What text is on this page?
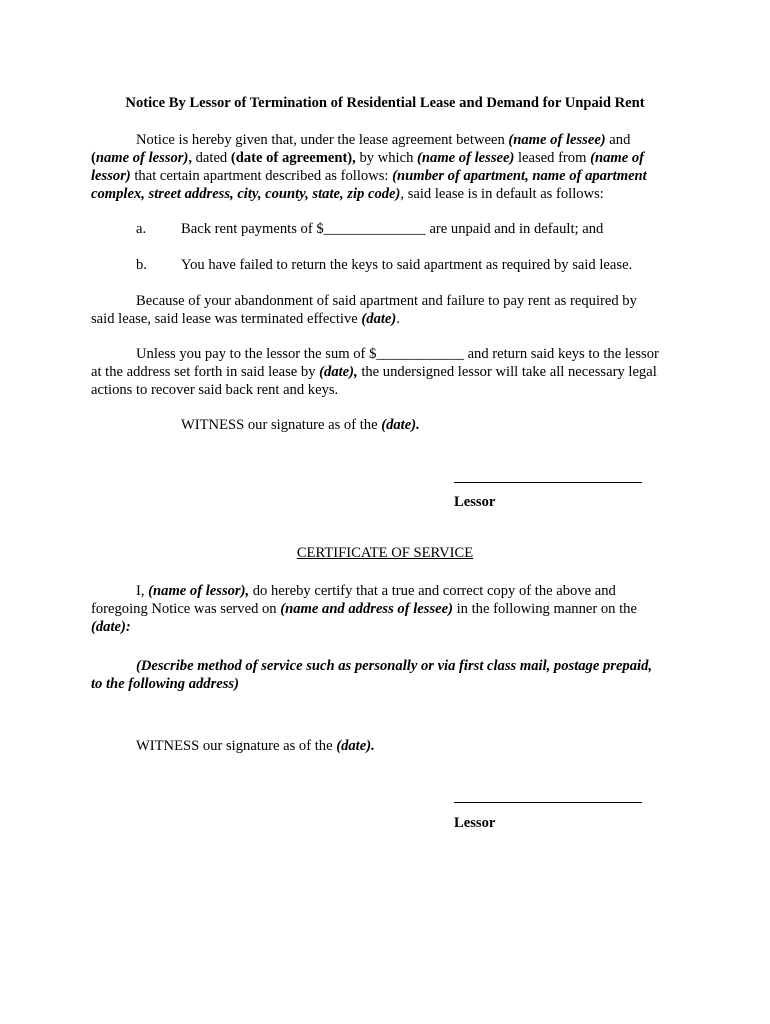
Notice By Lessor of Termination of Residential Lease and Demand for Unpaid Rent
Notice is hereby given that, under the lease agreement between (name of lessee) and
(name of lessor), dated (date of agreement), by which (name of lessee) leased from (name of
lessor) that certain apartment described as follows: (number of apartment, name of apartment
complex, street address, city, county, state, zip code), said lease is in default as follows:
a. Back rent payments of $______________ are unpaid and in default; and
b. You have failed to return the keys to said apartment as required by said lease.
Because of your abandonment of said apartment and failure to pay rent as required by
said lease, said lease was terminated effective (date).
Unless you pay to the lessor the sum of $____________ and return said keys to the lessor
at the address set forth in said lease by (date), the undersigned lessor will take all necessary legal
actions to recover said back rent and keys.
WITNESS our signature as of the (date).
Lessor
CERTIFICATE OF SERVICE
I, (name of lessor), do hereby certify that a true and correct copy of the above and
foregoing Notice was served on (name and address of lessee) in the following manner on the
(date):
(Describe method of service such as personally or via first class mail, postage prepaid,
to the following address)
WITNESS our signature as of the (date).
Lessor
